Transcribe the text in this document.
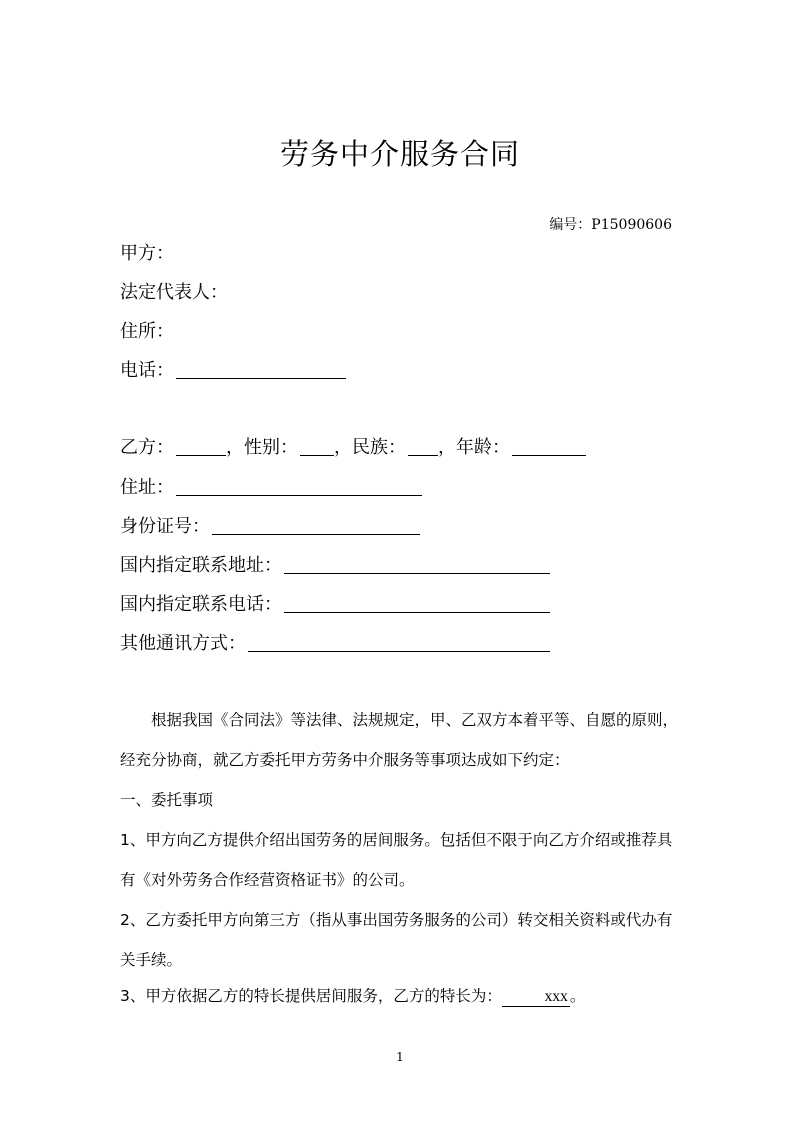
劳务中介服务合同
编号：P15090606
甲方：
法定代表人：
住所：
电话：
乙方：	，性别： ，民族： ，年龄：
住址：
身份证号：
国内指定联系地址：
国内指定联系电话：
其他通讯方式：
根据我国《合同法》等法律、法规规定，甲、乙双方本着平等、自愿的原则，经充分协商，就乙方委托甲方劳务中介服务等事项达成如下约定：
一、委托事项
1、甲方向乙方提供介绍出国劳务的居间服务。包括但不限于向乙方介绍或推荐具有《对外劳务合作经营资格证书》的公司。
2、乙方委托甲方向第三方（指从事出国劳务服务的公司）转交相关资料或代办有关手续。
3、甲方依据乙方的特长提供居间服务，乙方的特长为：	xxx 。
1
